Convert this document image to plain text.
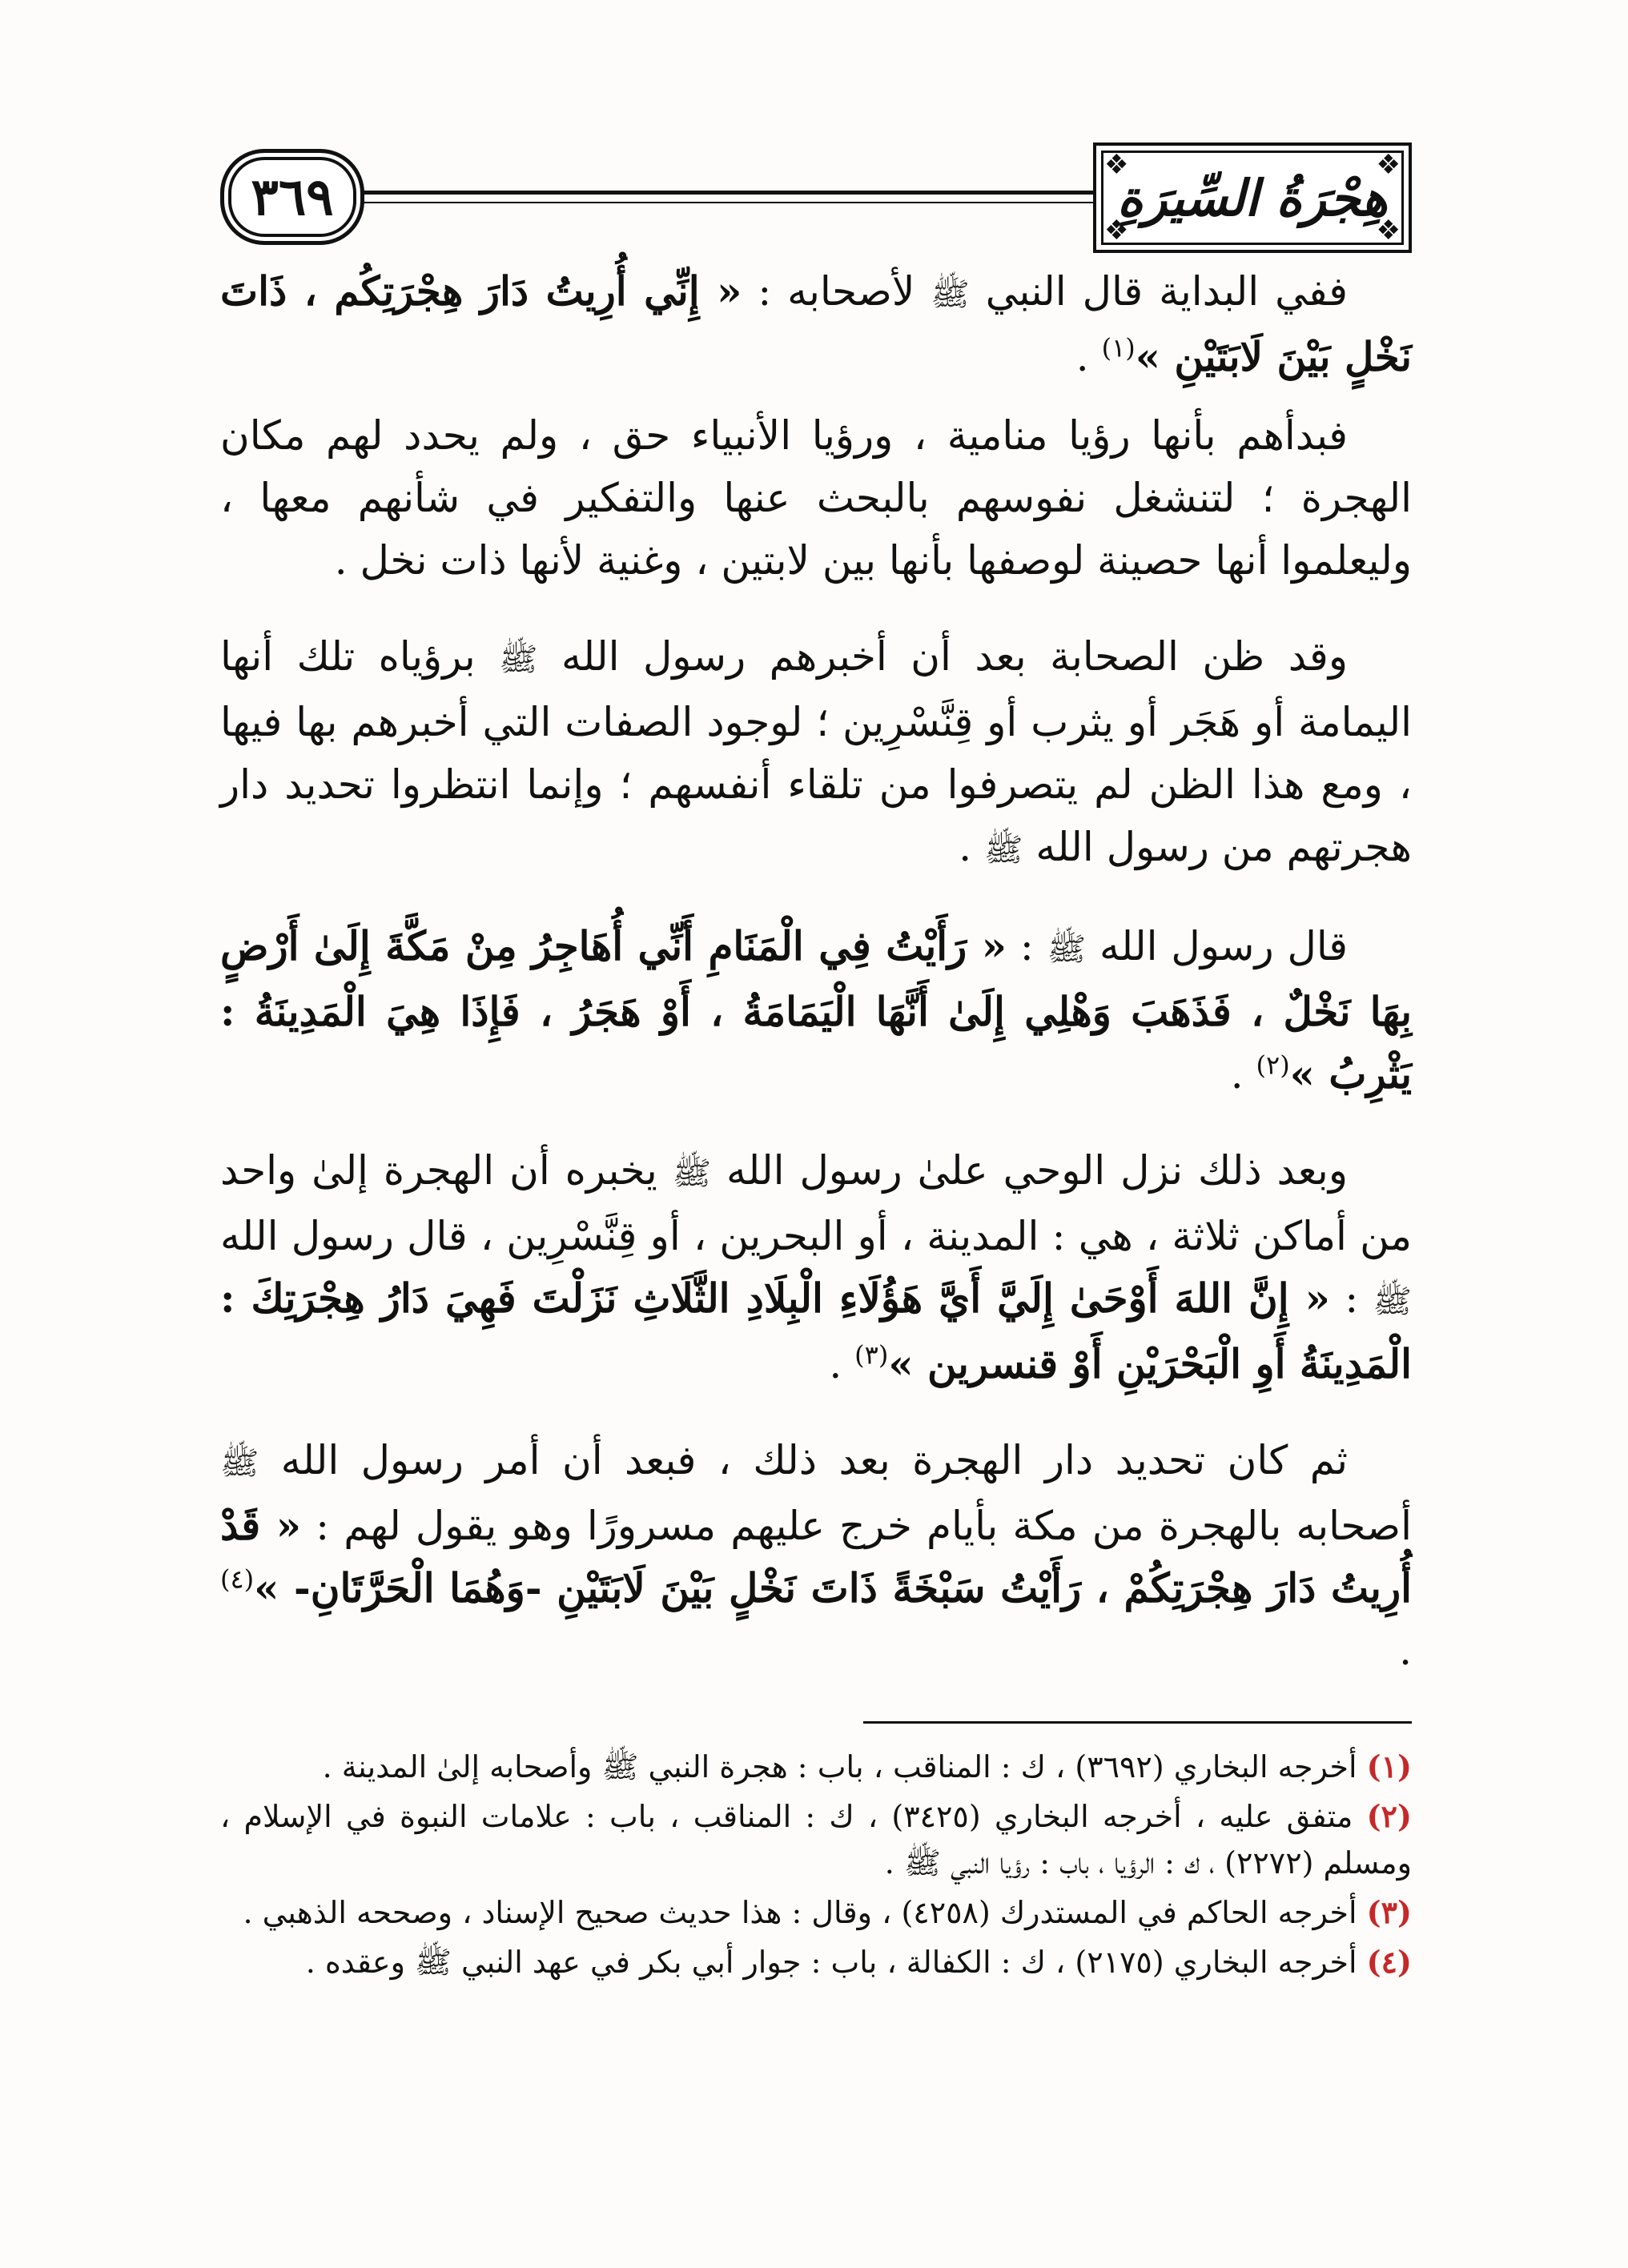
٣٦٩
❖	❖
❖	❖
هِجْرَةُ السِّيرَةِ

ففي البداية قال النبي ﷺ لأصحابه : « إِنِّي أُرِيتُ دَارَ هِجْرَتِكُم ، ذَاتَ نَخْلٍ بَيْنَ لَابَتَيْنِ »$^{(١)}$ .

فبدأهم بأنها رؤيا منامية ، ورؤيا الأنبياء حق ، ولم يحدد لهم مكان الهجرة ؛ لتنشغل نفوسهم بالبحث عنها والتفكير في شأنهم معها ، وليعلموا أنها حصينة لوصفها بأنها بين لابتين ، وغنية لأنها ذات نخل .

وقد ظن الصحابة بعد أن أخبرهم رسول الله ﷺ برؤياه تلك أنها اليمامة أو هَجَر أو يثرب أو قِنَّسْرِين ؛ لوجود الصفات التي أخبرهم بها فيها ، ومع هذا الظن لم يتصرفوا من تلقاء أنفسهم ؛ وإنما انتظروا تحديد دار هجرتهم من رسول الله ﷺ .

قال رسول الله ﷺ : « رَأَيْتُ فِي الْمَنَامِ أَنِّي أُهَاجِرُ مِنْ مَكَّةَ إِلَىٰ أَرْضٍ بِهَا نَخْلٌ ، فَذَهَبَ وَهْلِي إِلَىٰ أَنَّهَا الْيَمَامَةُ ، أَوْ هَجَرُ ، فَإِذَا هِيَ الْمَدِينَةُ : يَثْرِبُ »$^{(٢)}$ .

وبعد ذلك نزل الوحي علىٰ رسول الله ﷺ يخبره أن الهجرة إلىٰ واحد من أماكن ثلاثة ، هي : المدينة ، أو البحرين ، أو قِنَّسْرِين ، قال رسول الله ﷺ : « إِنَّ اللهَ أَوْحَىٰ إِلَيَّ أَيَّ هَؤُلَاءِ الْبِلَادِ الثَّلَاثِ نَزَلْتَ فَهِيَ دَارُ هِجْرَتِكَ : الْمَدِينَةُ أَوِ الْبَحْرَيْنِ أَوْ قنسرين »$^{(٣)}$ .

ثم كان تحديد دار الهجرة بعد ذلك ، فبعد أن أمر رسول الله ﷺ أصحابه بالهجرة من مكة بأيام خرج عليهم مسرورًا وهو يقول لهم : « قَدْ أُرِيتُ دَارَ هِجْرَتِكُمْ ، رَأَيْتُ سَبْخَةً ذَاتَ نَخْلٍ بَيْنَ لَابَتَيْنِ -وَهُمَا الْحَرَّتَانِ- »$^{(٤)}$ .

(١) أخرجه البخاري (٣٦٩٢) ، ك : المناقب ، باب : هجرة النبي ﷺ وأصحابه إلىٰ المدينة .
(٢) متفق عليه ، أخرجه البخاري (٣٤٢٥) ، ك : المناقب ، باب : علامات النبوة في الإسلام ، ومسلم (٢٢٧٢) ، ك : الرؤيا ، باب : رؤيا النبي ﷺ .
(٣) أخرجه الحاكم في المستدرك (٤٢٥٨) ، وقال : هذا حديث صحيح الإسناد ، وصححه الذهبي .
(٤) أخرجه البخاري (٢١٧٥) ، ك : الكفالة ، باب : جوار أبي بكر في عهد النبي ﷺ وعقده .
